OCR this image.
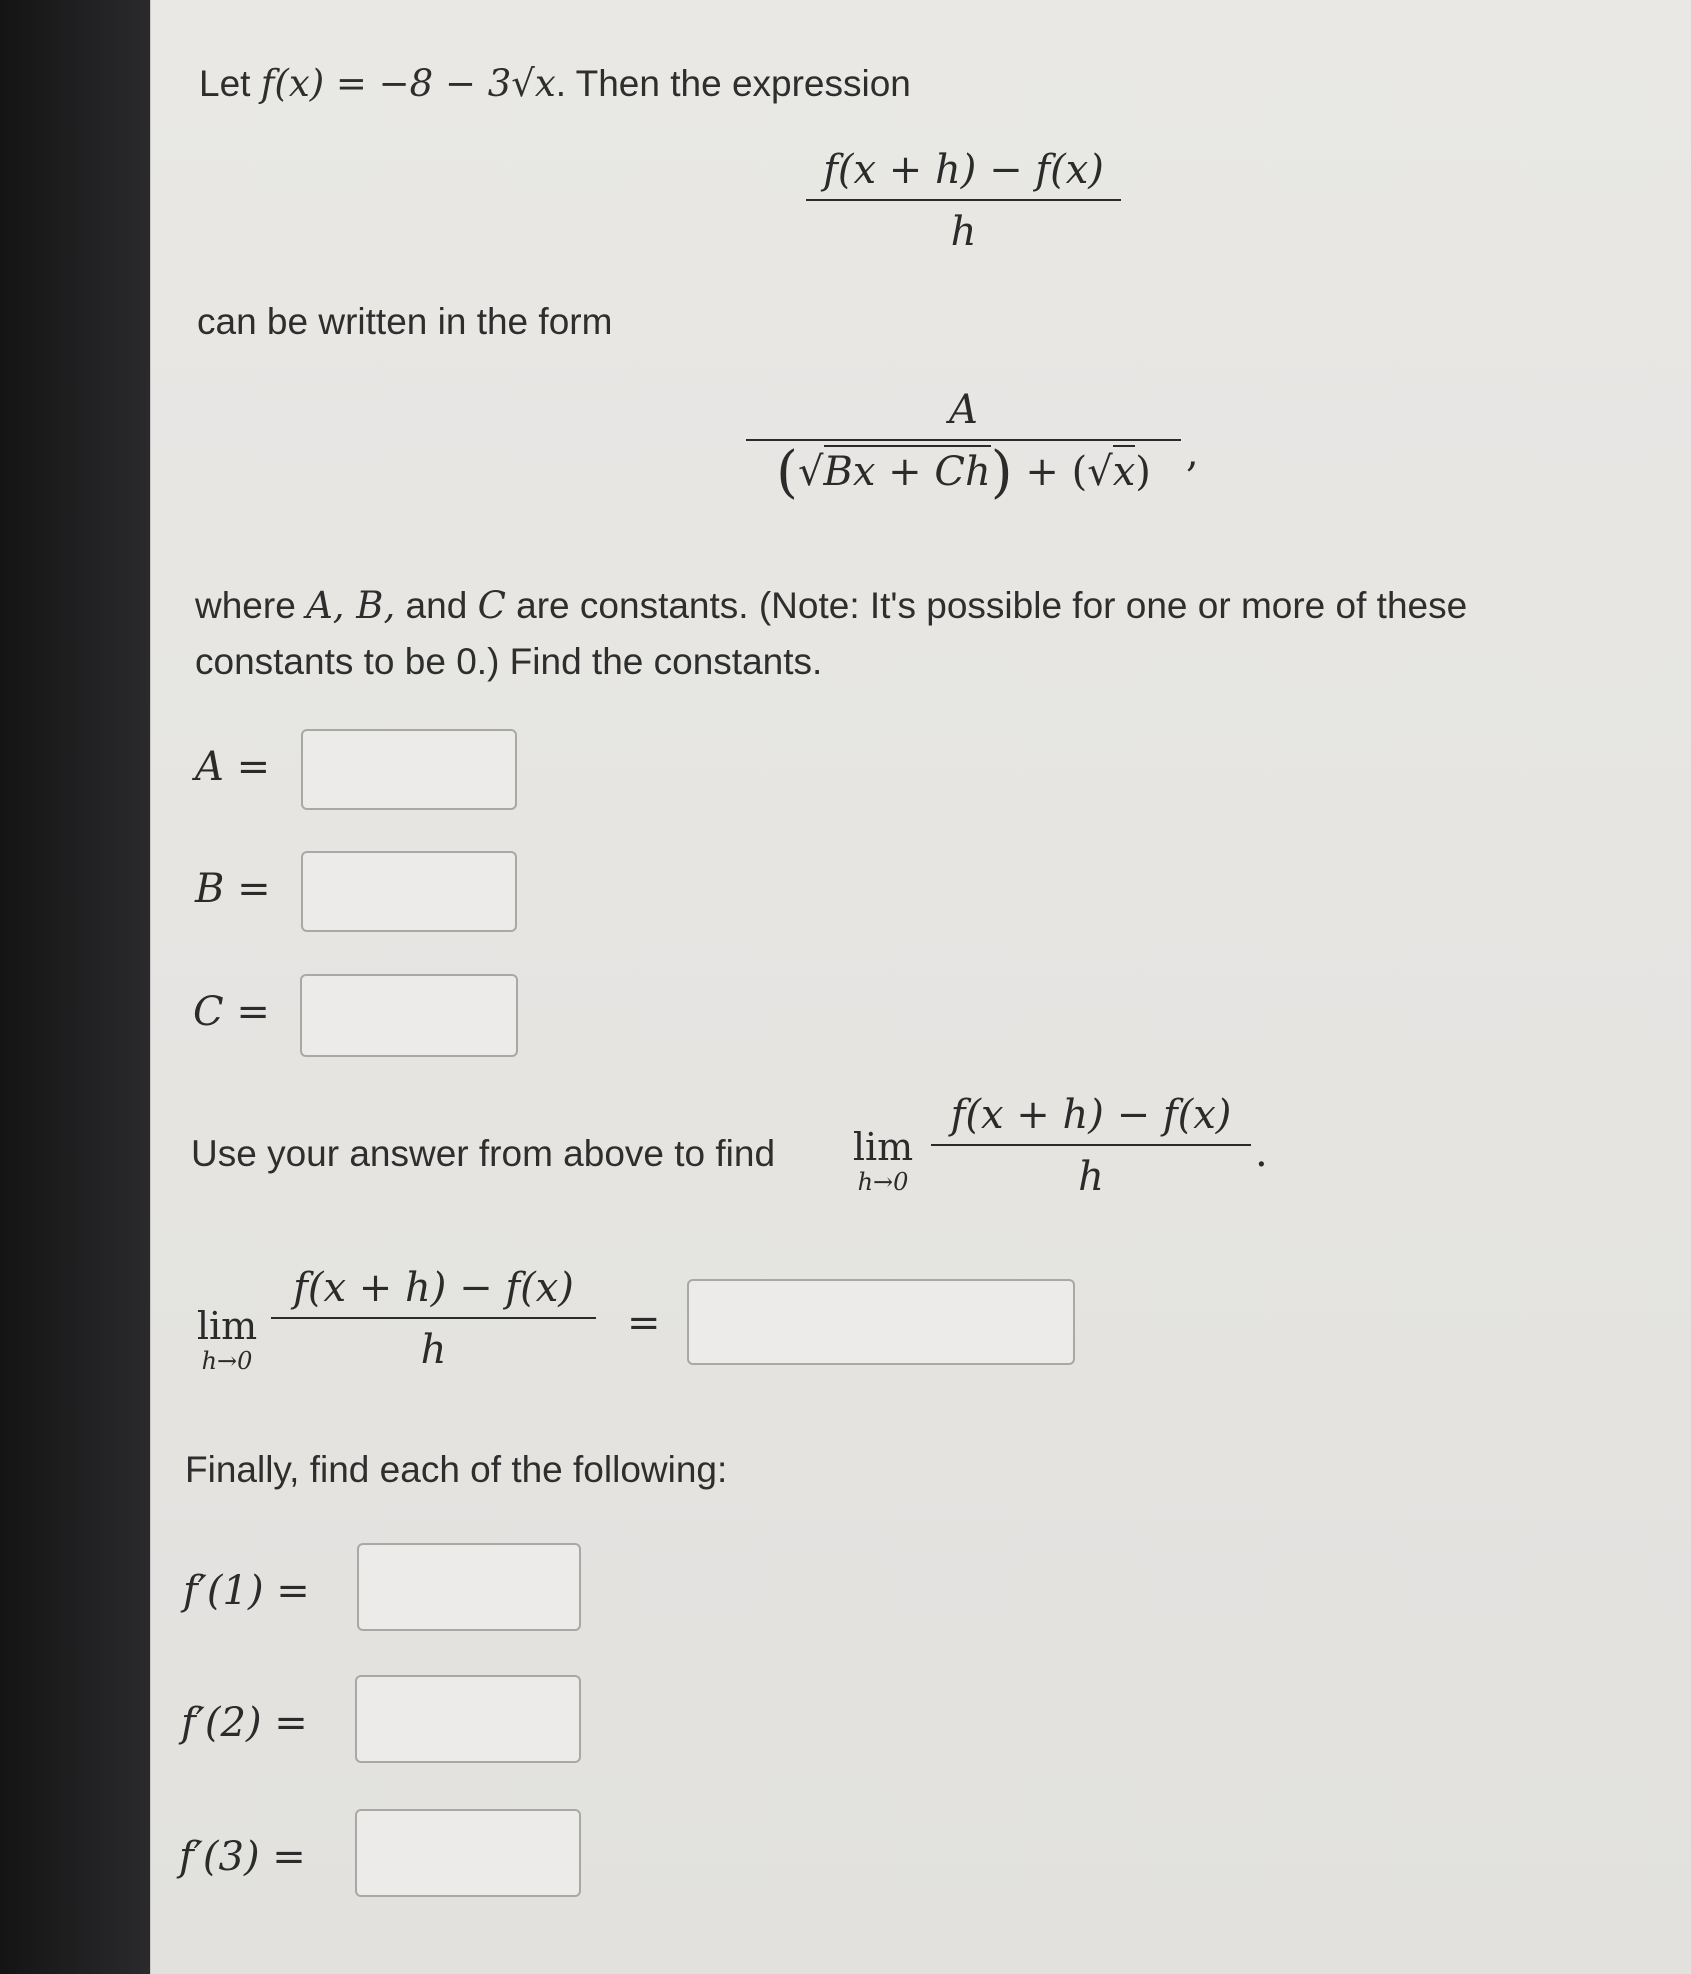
Let f(x) = −8 − 3√x. Then the expression
f(x + h) − f(x)
h
can be written in the form
A
(√Bx + Ch) + (√x) ,
where A, B, and C are constants. (Note: It's possible for one or more of these
constants to be 0.) Find the constants.
A =
B =
C =
Use your answer from above to find lim
h→0
f(x + h) − f(x)
h
.
lim
h→0
f(x + h) − f(x)
h
=
Finally, find each of the following:
f′(1) =
f′(2) =
f′(3) =
